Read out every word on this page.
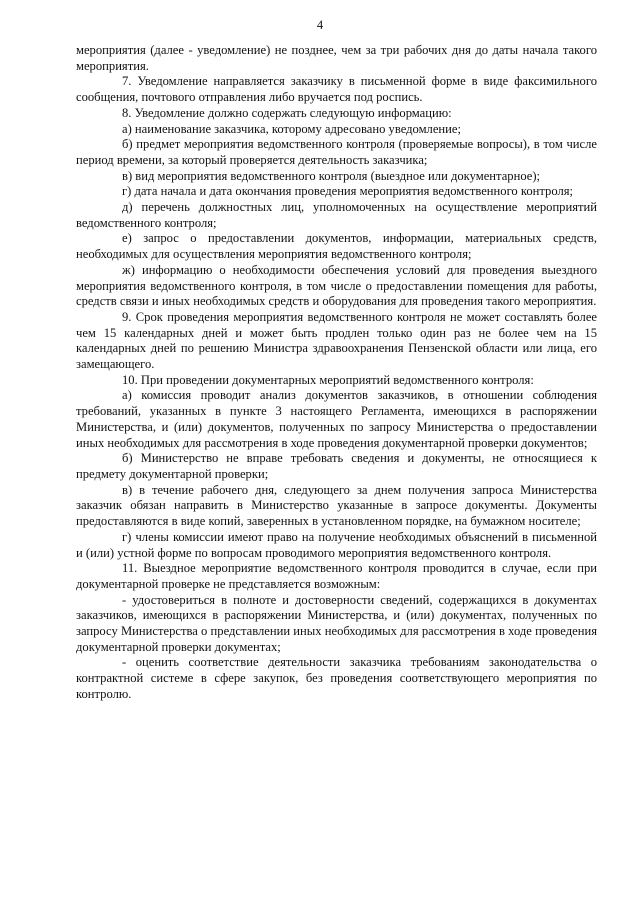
4

мероприятия (далее - уведомление) не позднее, чем за три рабочих дня до даты начала такого мероприятия.

7. Уведомление направляется заказчику в письменной форме в виде факсимильного сообщения, почтового отправления либо вручается под роспись.

8. Уведомление должно содержать следующую информацию:

а) наименование заказчика, которому адресовано уведомление;

б) предмет мероприятия ведомственного контроля (проверяемые вопросы), в том числе период времени, за который проверяется деятельность заказчика;

в) вид мероприятия ведомственного контроля (выездное или документарное);

г) дата начала и дата окончания проведения мероприятия ведомственного контроля;

д) перечень должностных лиц, уполномоченных на осуществление мероприятий ведомственного контроля;

е) запрос о предоставлении документов, информации, материальных средств, необходимых для осуществления мероприятия ведомственного контроля;

ж) информацию о необходимости обеспечения условий для проведения выездного мероприятия ведомственного контроля, в том числе о предоставлении помещения для работы, средств связи и иных необходимых средств и оборудования для проведения такого мероприятия.

9. Срок проведения мероприятия ведомственного контроля не может составлять более чем 15 календарных дней и может быть продлен только один раз не более чем на 15 календарных дней по решению Министра здравоохранения Пензенской области или лица, его замещающего.

10. При проведении документарных мероприятий ведомственного контроля:

а) комиссия проводит анализ документов заказчиков, в отношении соблюдения требований, указанных в пункте 3 настоящего Регламента, имеющихся в распоряжении Министерства, и (или) документов, полученных по запросу Министерства о предоставлении иных необходимых для рассмотрения в ходе проведения документарной проверки документов;

б) Министерство не вправе требовать сведения и документы, не относящиеся к предмету документарной проверки;

в) в течение рабочего дня, следующего за днем получения запроса Министерства заказчик обязан направить в Министерство указанные в запросе документы. Документы предоставляются в виде копий, заверенных в установленном порядке, на бумажном носителе;

г) члены комиссии имеют право на получение необходимых объяснений в письменной и (или) устной форме по вопросам проводимого мероприятия ведомственного контроля.

11. Выездное мероприятие ведомственного контроля проводится в случае, если при документарной проверке не представляется возможным:

- удостовериться в полноте и достоверности сведений, содержащихся в документах заказчиков, имеющихся в распоряжении Министерства, и (или) документах, полученных по запросу Министерства о представлении иных необходимых для рассмотрения в ходе проведения документарной проверки документах;

- оценить соответствие деятельности заказчика требованиям законодательства о контрактной системе в сфере закупок, без проведения соответствующего мероприятия по контролю.
